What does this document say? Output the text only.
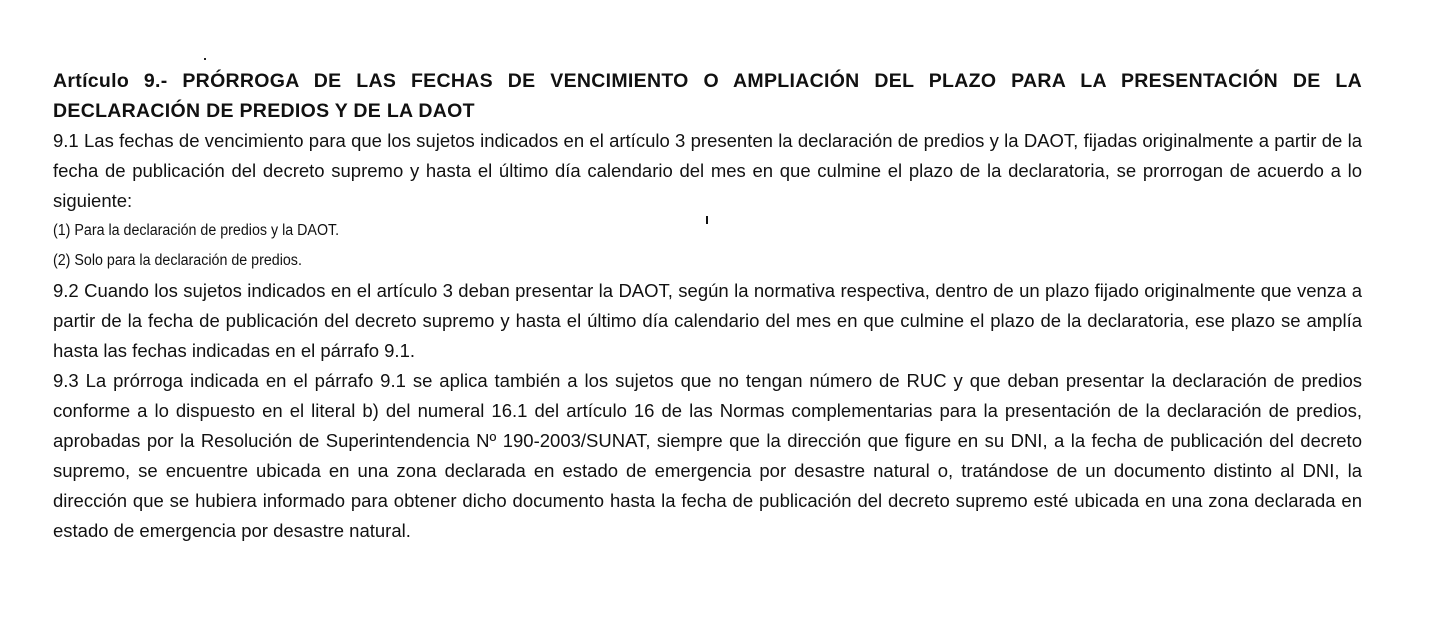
Artículo 9.- PRÓRROGA DE LAS FECHAS DE VENCIMIENTO O AMPLIACIÓN DEL PLAZO PARA LA PRESENTACIÓN DE LA DECLARACIÓN DE PREDIOS Y DE LA DAOT

9.1 Las fechas de vencimiento para que los sujetos indicados en el artículo 3 presenten la declaración de predios y la DAOT, fijadas originalmente a partir de la fecha de publicación del decreto supremo y hasta el último día calendario del mes en que culmine el plazo de la declaratoria, se prorrogan de acuerdo a lo siguiente:

(1) Para la declaración de predios y la DAOT.

(2) Solo para la declaración de predios.

9.2 Cuando los sujetos indicados en el artículo 3 deban presentar la DAOT, según la normativa respectiva, dentro de un plazo fijado originalmente que venza a partir de la fecha de publicación del decreto supremo y hasta el último día calendario del mes en que culmine el plazo de la declaratoria, ese plazo se amplía hasta las fechas indicadas en el párrafo 9.1.

9.3 La prórroga indicada en el párrafo 9.1 se aplica también a los sujetos que no tengan número de RUC y que deban presentar la declaración de predios conforme a lo dispuesto en el literal b) del numeral 16.1 del artículo 16 de las Normas complementarias para la presentación de la declaración de predios, aprobadas por la Resolución de Superintendencia Nº 190-2003/SUNAT, siempre que la dirección que figure en su DNI, a la fecha de publicación del decreto supremo, se encuentre ubicada en una zona declarada en estado de emergencia por desastre natural o, tratándose de un documento distinto al DNI, la dirección que se hubiera informado para obtener dicho documento hasta la fecha de publicación del decreto supremo esté ubicada en una zona declarada en estado de emergencia por desastre natural.
